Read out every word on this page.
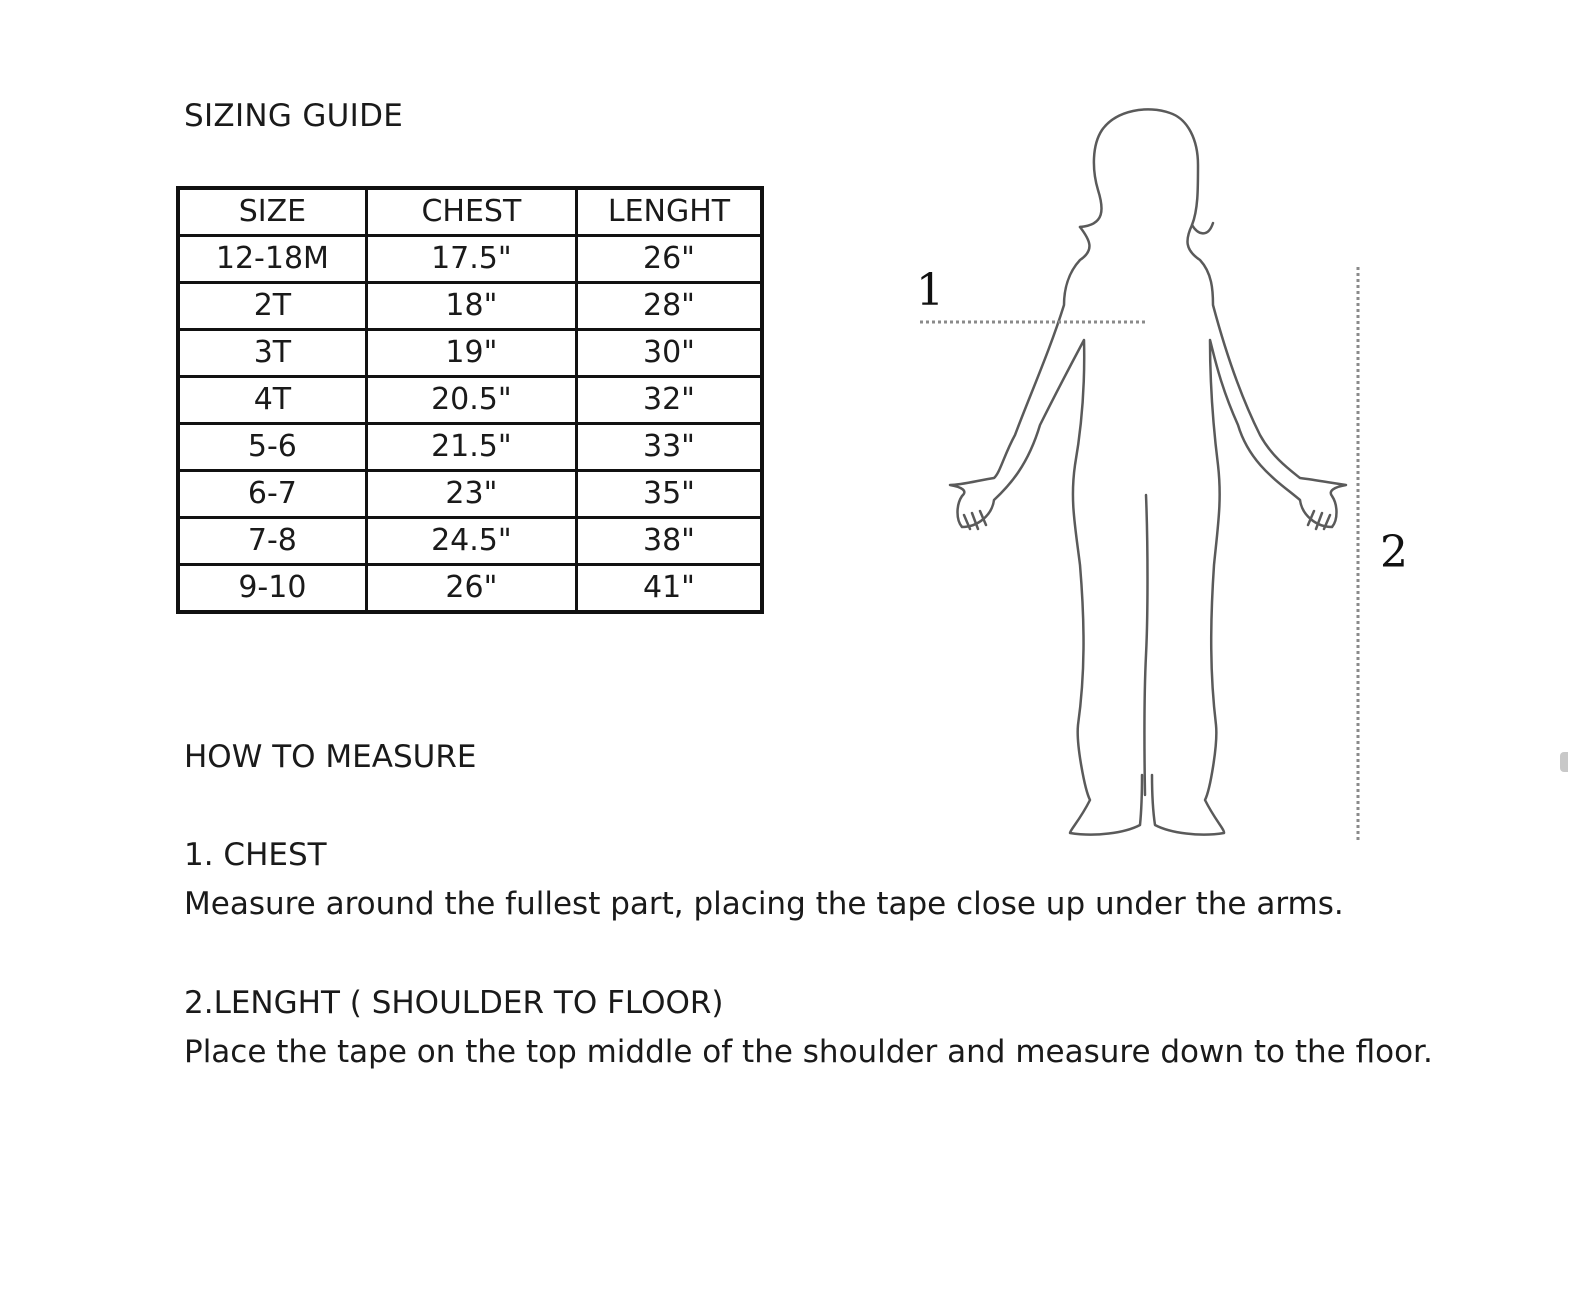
SIZING GUIDE
SIZE	CHEST	LENGHT
12-18M	17.5"	26"
2T	18"	28"
3T	19"	30"
4T	20.5"	32"
5-6	21.5"	33"
6-7	23"	35"
7-8	24.5"	38"
9-10	26"	41"
HOW TO MEASURE
1. CHEST
Measure around the fullest part, placing the tape close up under the arms.
2.LENGHT ( SHOULDER TO FLOOR)
Place the tape on the top middle of the shoulder and measure down to the floor.
1
2
